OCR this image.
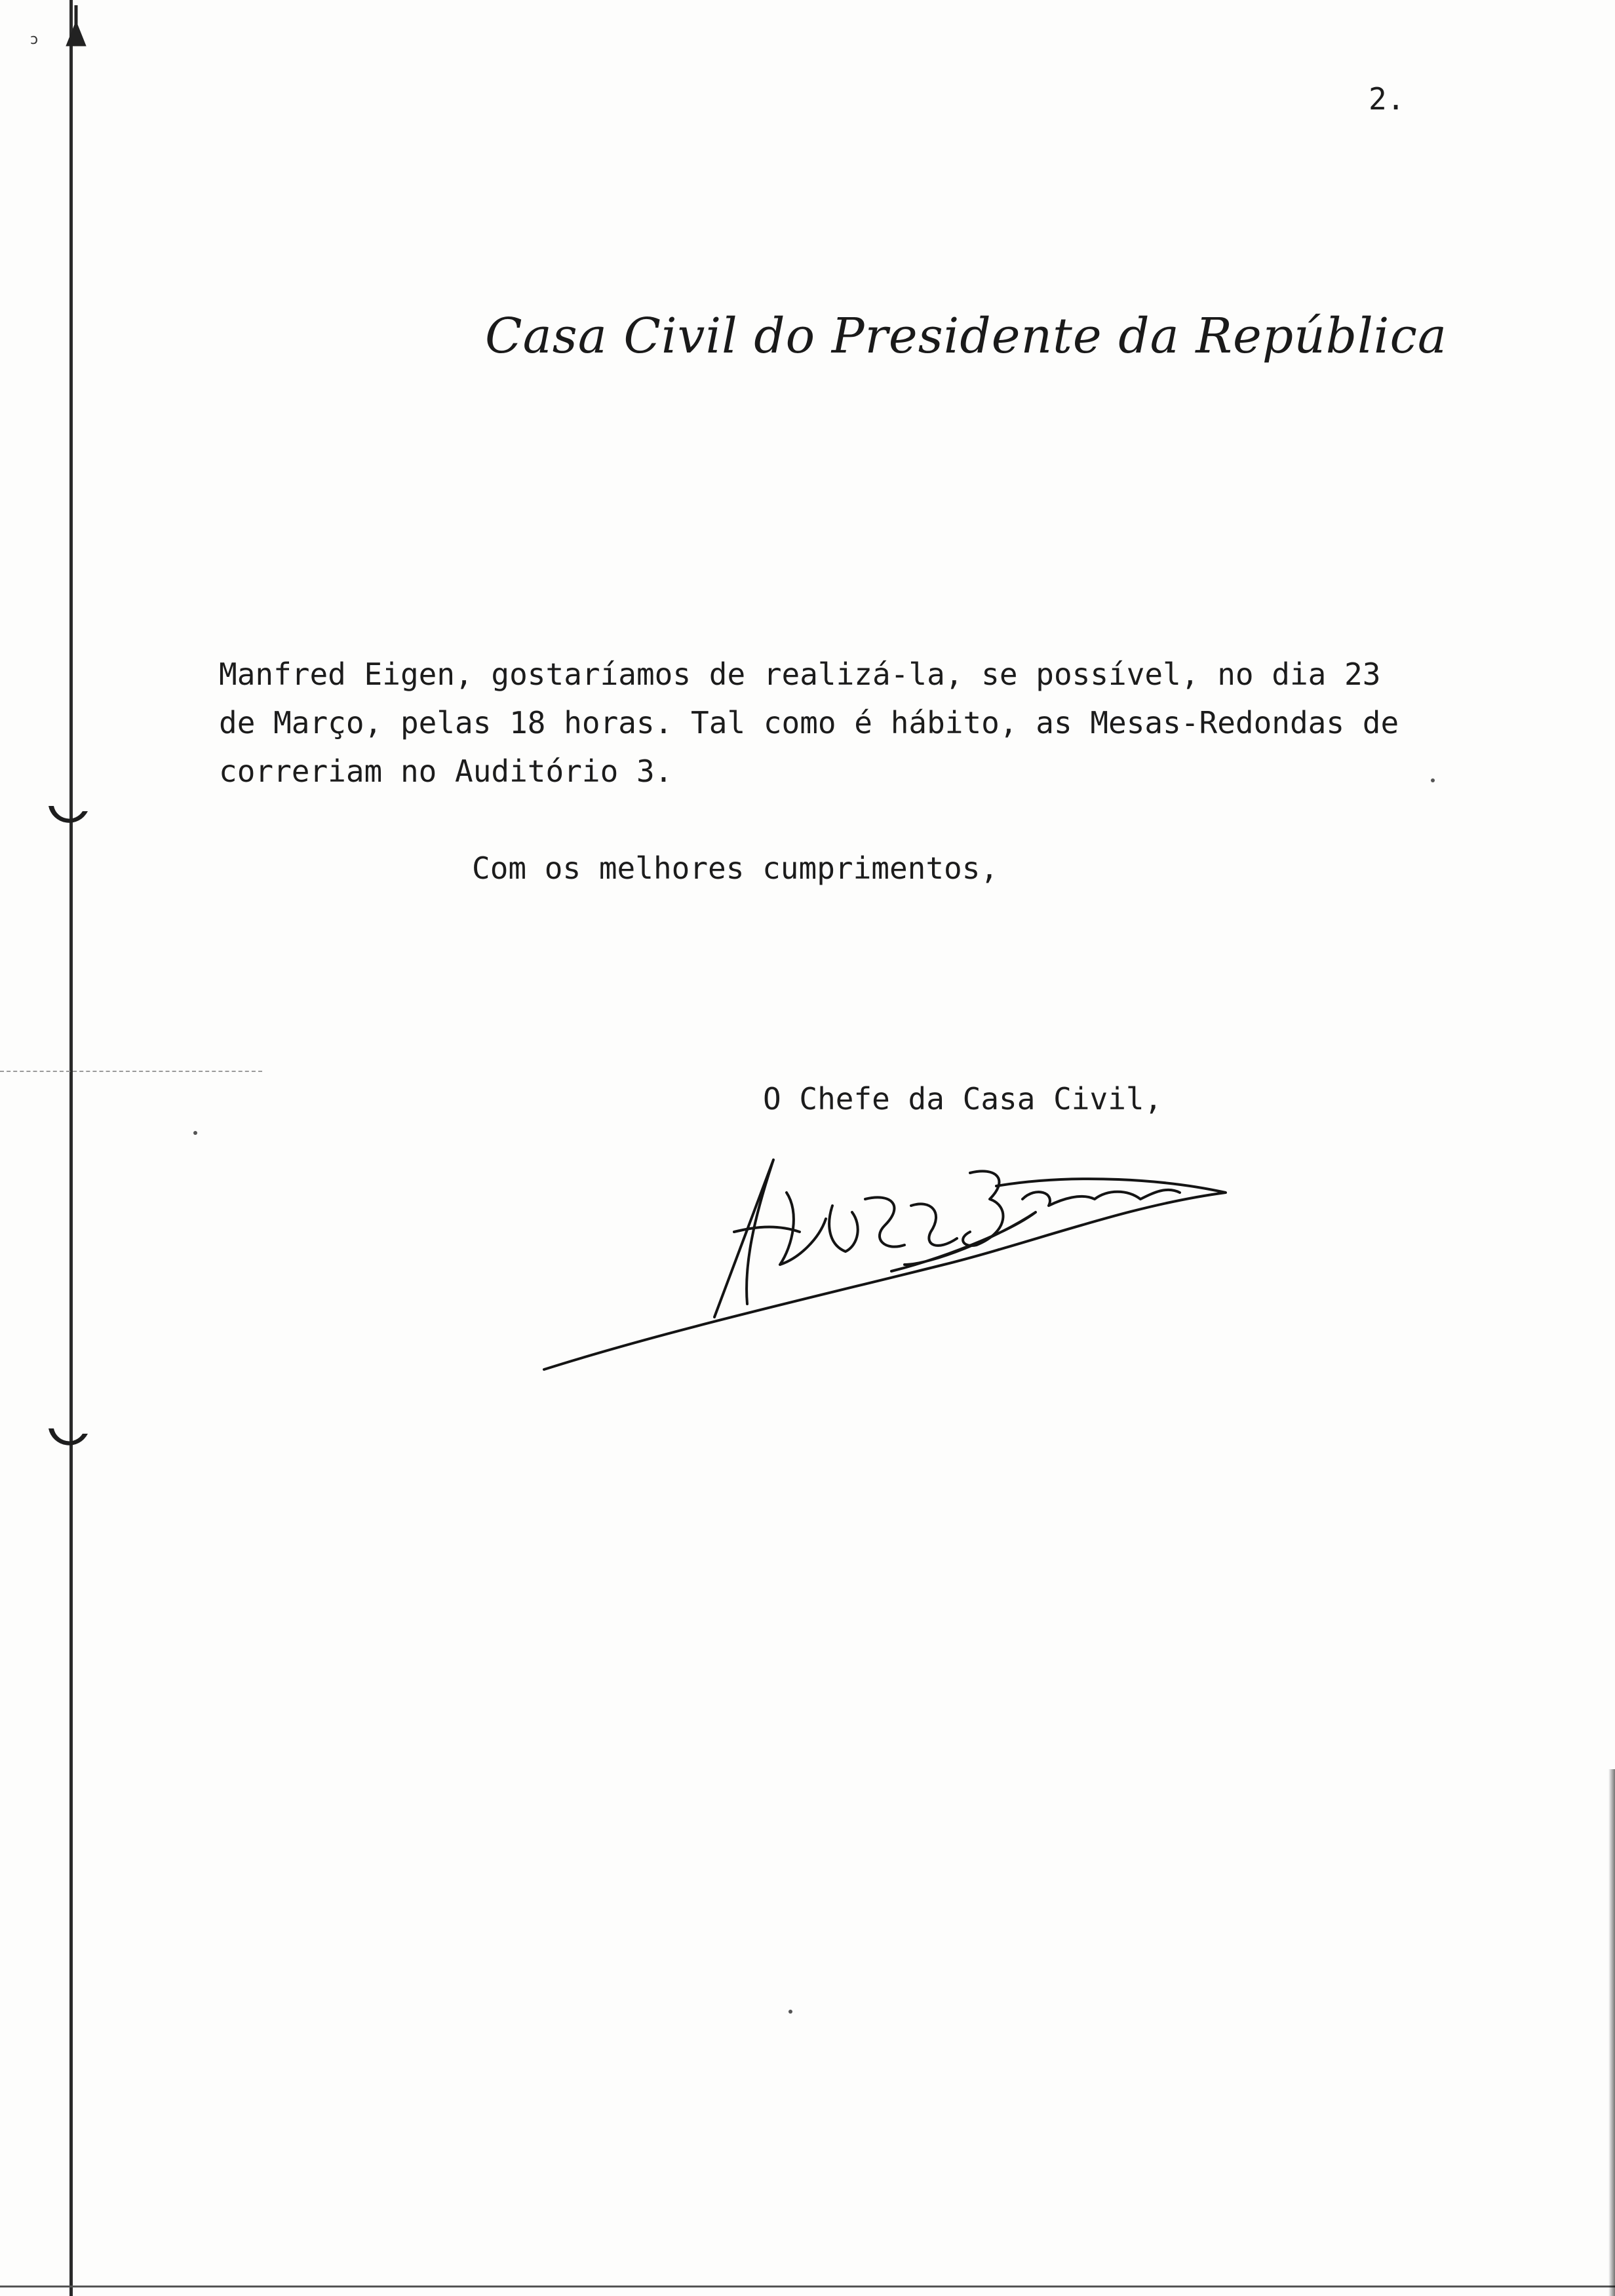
ↄ
2.
Casa Civil do Presidente da República
Manfred Eigen, gostaríamos de realizá-la, se possível, no dia 23
de Março, pelas 18 horas. Tal como é hábito, as Mesas-Redondas de
correriam no Auditório 3.
Com os melhores cumprimentos,
O Chefe da Casa Civil,
Alfredo Barroso
